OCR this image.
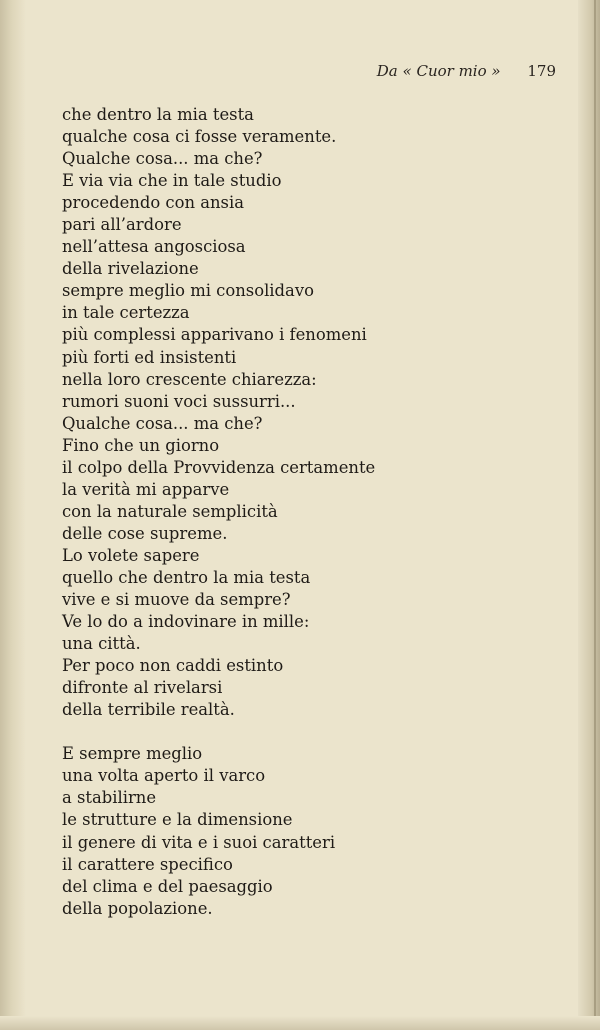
Da « Cuor mio » 179
che dentro la mia testa
qualche cosa ci fosse veramente.
Qualche cosa... ma che?
E via via che in tale studio
procedendo con ansia
pari all’ardore
nell’attesa angosciosa
della rivelazione
sempre meglio mi consolidavo
in tale certezza
più complessi apparivano i fenomeni
più forti ed insistenti
nella loro crescente chiarezza:
rumori suoni voci sussurri...
Qualche cosa... ma che?
Fino che un giorno
il colpo della Provvidenza certamente
la verità mi apparve
con la naturale semplicità
delle cose supreme.
Lo volete sapere
quello che dentro la mia testa
vive e si muove da sempre?
Ve lo do a indovinare in mille:
una città.
Per poco non caddi estinto
difronte al rivelarsi
della terribile realtà.
E sempre meglio
una volta aperto il varco
a stabilirne
le strutture e la dimensione
il genere di vita e i suoi caratteri
il carattere specifico
del clima e del paesaggio
della popolazione.
